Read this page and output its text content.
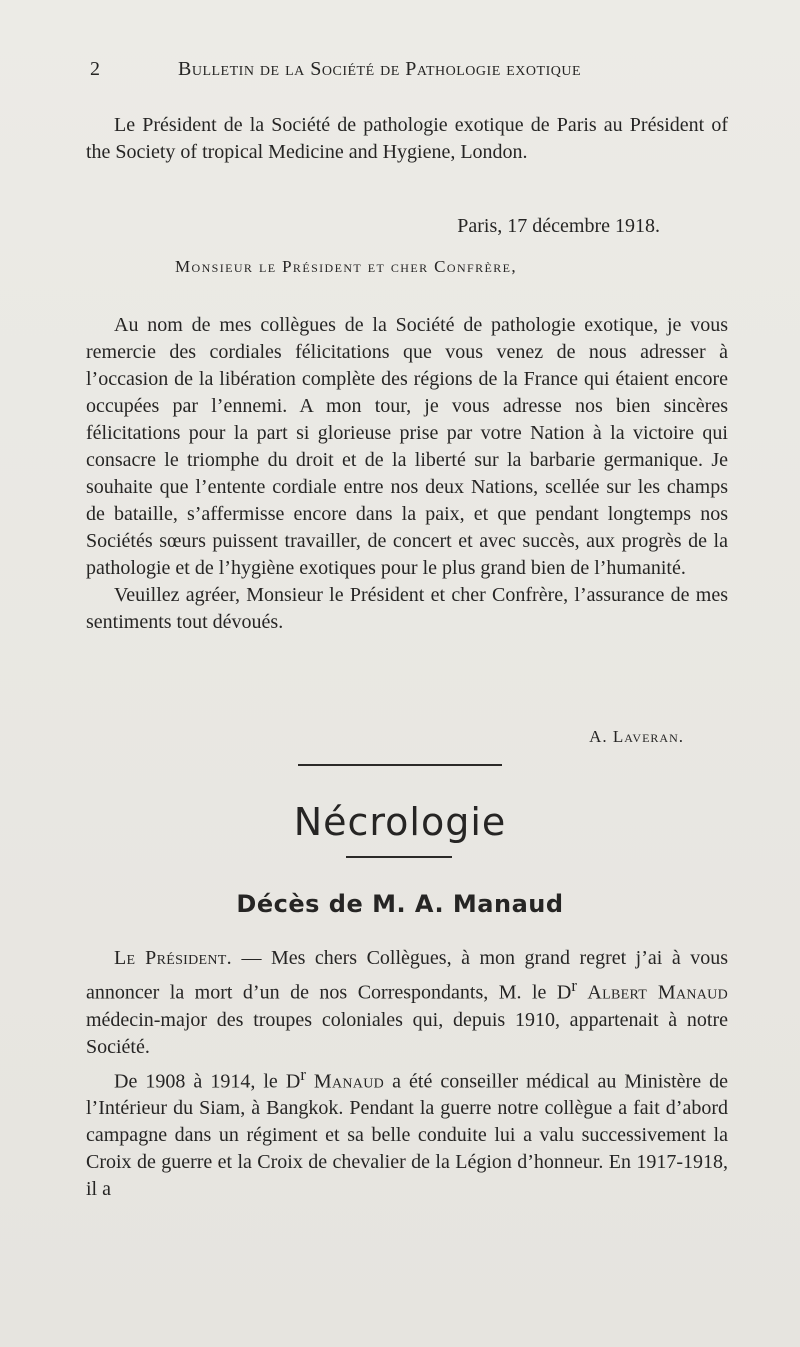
2	Bulletin de la Société de Pathologie exotique

Le Président de la Société de pathologie exotique de Paris au Président of the Society of tropical Medicine and Hygiene, London.

Paris, 17 décembre 1918.
Monsieur le Président et cher Confrère,

Au nom de mes collègues de la Société de pathologie exotique, je vous remercie des cordiales félicitations que vous venez de nous adresser à l’occasion de la libération complète des régions de la France qui étaient encore occupées par l’ennemi. A mon tour, je vous adresse nos bien sincères félicitations pour la part si glorieuse prise par votre Nation à la victoire qui consacre le triomphe du droit et de la liberté sur la barbarie germanique. Je souhaite que l’entente cordiale entre nos deux Nations, scellée sur les champs de bataille, s’affermisse encore dans la paix, et que pendant longtemps nos Sociétés sœurs puissent travailler, de concert et avec succès, aux progrès de la pathologie et de l’hygiène exotiques pour le plus grand bien de l’humanité.

Veuillez agréer, Monsieur le Président et cher Confrère, l’assurance de mes sentiments tout dévoués.

A. Laveran.
Nécrologie
Décès de M. A. Manaud

Le Président. — Mes chers Collègues, à mon grand regret j’ai à vous annoncer la mort d’un de nos Correspondants, M. le $D^r$ Albert Manaud médecin-major des troupes coloniales qui, depuis 1910, appartenait à notre Société.

De 1908 à 1914, le $D^r$ Manaud a été conseiller médical au Ministère de l’Intérieur du Siam, à Bangkok. Pendant la guerre notre collègue a fait d’abord campagne dans un régiment et sa belle conduite lui a valu successivement la Croix de guerre et la Croix de chevalier de la Légion d’honneur. En 1917-1918, il a
